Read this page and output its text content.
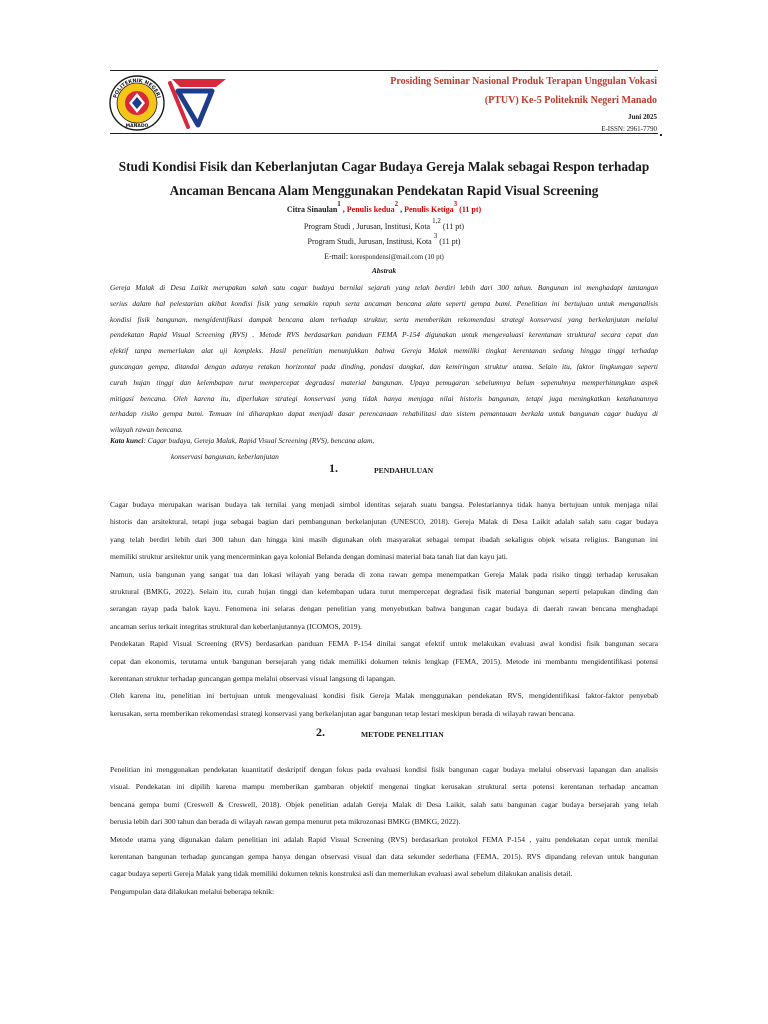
POLITEKNIK NEGERI
MANADO
Prosiding Seminar Nasional Produk Terapan Unggulan Vokasi
(PTUV) Ke-5 Politeknik Negeri Manado
Juni 2025
E-ISSN: 2961-7790
Studi Kondisi Fisik dan Keberlanjutan Cagar Budaya Gereja Malak sebagai Respon terhadap
Ancaman Bencana Alam Menggunakan Pendekatan Rapid Visual Screening
Citra Sinaulan$^1$ , Penulis kedua$^2$ , Penulis Ketiga$^3$ (11 pt)
Program Studi , Jurusan, Institusi, Kota $^{1,2}$ (11 pt)
Program Studi, Jurusan, Institusi, Kota $^3$ (11 pt)
E-mail: korespondensi@mail.com (10 pt)
Abstrak
Gereja Malak di Desa Laikit merupakan salah satu cagar budaya bernilai sejarah yang telah berdiri lebih dari 300 tahun. Bangunan ini menghadapi tantangan
serius dalam hal pelestarian akibat kondisi fisik yang semakin rapuh serta ancaman bencana alam seperti gempa bumi. Penelitian ini bertujuan untuk menganalisis
kondisi fisik bangunan, mengidentifikasi dampak bencana alam terhadap struktur, serta memberikan rekomendasi strategi konservasi yang berkelanjutan melalui
pendekatan Rapid Visual Screening (RVS) . Metode RVS berdasarkan panduan FEMA P-154 digunakan untuk mengevaluasi kerentanan struktural secara cepat dan
efektif tanpa memerlukan alat uji kompleks. Hasil penelitian menunjukkan bahwa Gereja Malak memiliki tingkat kerentanan sedang hingga tinggi terhadap
guncangan gempa, ditandai dengan adanya retakan horizontal pada dinding, pondasi dangkal, dan kemiringan struktur utama. Selain itu, faktor lingkungan seperti
curah hujan tinggi dan kelembapan turut mempercepat degradasi material bangunan. Upaya pemugaran sebelumnya belum sepenuhnya memperhitungkan aspek
mitigasi bencana. Oleh karena itu, diperlukan strategi konservasi yang tidak hanya menjaga nilai historis bangunan, tetapi juga meningkatkan ketahanannya
terhadap risiko gempa bumi. Temuan ini diharapkan dapat menjadi dasar perencanaan rehabilitasi dan sistem pemantauan berkala untuk bangunan cagar budaya di
wilayah rawan bencana.
Kata kunci: Cagar budaya, Gereja Malak, Rapid Visual Screening (RVS), bencana alam,
konservasi bangunan, keberlanjutan
1.	PENDAHULUAN
Cagar budaya merupakan warisan budaya tak ternilai yang menjadi simbol identitas sejarah suatu bangsa. Pelestariannya tidak hanya bertujuan untuk menjaga nilai
historis dan arsitektural, tetapi juga sebagai bagian dari pembangunan berkelanjutan (UNESCO, 2018). Gereja Malak di Desa Laikit adalah salah satu cagar budaya
yang telah berdiri lebih dari 300 tahun dan hingga kini masih digunakan oleh masyarakat sebagai tempat ibadah sekaligus objek wisata religius. Bangunan ini
memiliki struktur arsitektur unik yang mencerminkan gaya kolonial Belanda dengan dominasi material bata tanah liat dan kayu jati.
Namun, usia bangunan yang sangat tua dan lokasi wilayah yang berada di zona rawan gempa menempatkan Gereja Malak pada risiko tinggi terhadap kerusakan
struktural (BMKG, 2022). Selain itu, curah hujan tinggi dan kelembapan udara turut mempercepat degradasi fisik material bangunan seperti pelapukan dinding dan
serangan rayap pada balok kayu. Fenomena ini selaras dengan penelitian yang menyebutkan bahwa bangunan cagar budaya di daerah rawan bencana menghadapi
ancaman serius terkait integritas struktural dan keberlanjutannya (ICOMOS, 2019).
Pendekatan Rapid Visual Screening (RVS) berdasarkan panduan FEMA P-154 dinilai sangat efektif untuk melakukan evaluasi awal kondisi fisik bangunan secara
cepat dan ekonomis, terutama untuk bangunan bersejarah yang tidak memiliki dokumen teknis lengkap (FEMA, 2015). Metode ini membantu mengidentifikasi potensi
kerentanan struktur terhadap guncangan gempa melalui observasi visual langsung di lapangan.
Oleh karena itu, penelitian ini bertujuan untuk mengevaluasi kondisi fisik Gereja Malak menggunakan pendekatan RVS, mengidentifikasi faktor-faktor penyebab
kerusakan, serta memberikan rekomendasi strategi konservasi yang berkelanjutan agar bangunan tetap lestari meskipun berada di wilayah rawan bencana.
2.	METODE PENELITIAN
Penelitian ini menggunakan pendekatan kuantitatif deskriptif dengan fokus pada evaluasi kondisi fisik bangunan cagar budaya melalui observasi lapangan dan analisis
visual. Pendekatan ini dipilih karena mampu memberikan gambaran objektif mengenai tingkat kerusakan struktural serta potensi kerentanan terhadap ancaman
bencana gempa bumi (Creswell & Creswell, 2018). Objek penelitian adalah Gereja Malak di Desa Laikit, salah satu bangunan cagar budaya bersejarah yang telah
berusia lebih dari 300 tahun dan berada di wilayah rawan gempa menurut peta mikrozonasi BMKG (BMKG, 2022).
Metode utama yang digunakan dalam penelitian ini adalah Rapid Visual Screening (RVS) berdasarkan protokol FEMA P-154 , yaitu pendekatan cepat untuk menilai
kerentanan bangunan terhadap guncangan gempa hanya dengan observasi visual dan data sekunder sederhana (FEMA, 2015). RVS dipandang relevan untuk bangunan
cagar budaya seperti Gereja Malak yang tidak memiliki dokumen teknis konstruksi asli dan memerlukan evaluasi awal sebelum dilakukan analisis detail.
Pengumpulan data dilakukan melalui beberapa teknik:
